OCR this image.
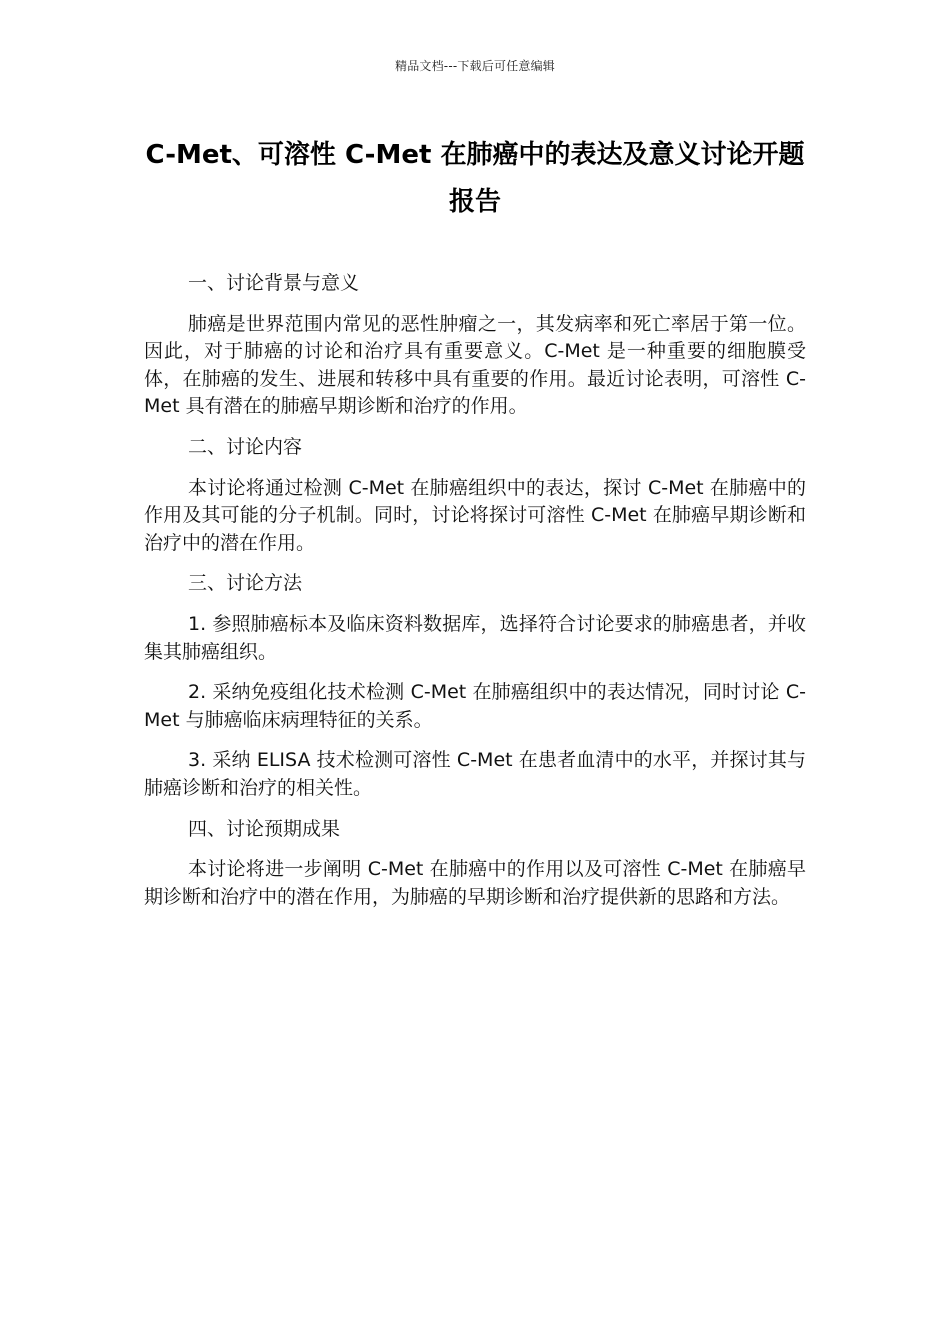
精品文档---下载后可任意编辑
C-Met、可溶性 C-Met 在肺癌中的表达及意义讨论开题报告

一、讨论背景与意义

肺癌是世界范围内常见的恶性肿瘤之一，其发病率和死亡率居于第一位。因此，对于肺癌的讨论和治疗具有重要意义。C-Met 是一种重要的细胞膜受体，在肺癌的发生、进展和转移中具有重要的作用。最近讨论表明，可溶性 C-Met 具有潜在的肺癌早期诊断和治疗的作用。

二、讨论内容

本讨论将通过检测 C-Met 在肺癌组织中的表达，探讨 C-Met 在肺癌中的作用及其可能的分子机制。同时，讨论将探讨可溶性 C-Met 在肺癌早期诊断和治疗中的潜在作用。

三、讨论方法

1. 参照肺癌标本及临床资料数据库，选择符合讨论要求的肺癌患者，并收集其肺癌组织。

2. 采纳免疫组化技术检测 C-Met 在肺癌组织中的表达情况，同时讨论 C-Met 与肺癌临床病理特征的关系。

3. 采纳 ELISA 技术检测可溶性 C-Met 在患者血清中的水平，并探讨其与肺癌诊断和治疗的相关性。

四、讨论预期成果

本讨论将进一步阐明 C-Met 在肺癌中的作用以及可溶性 C-Met 在肺癌早期诊断和治疗中的潜在作用，为肺癌的早期诊断和治疗提供新的思路和方法。
